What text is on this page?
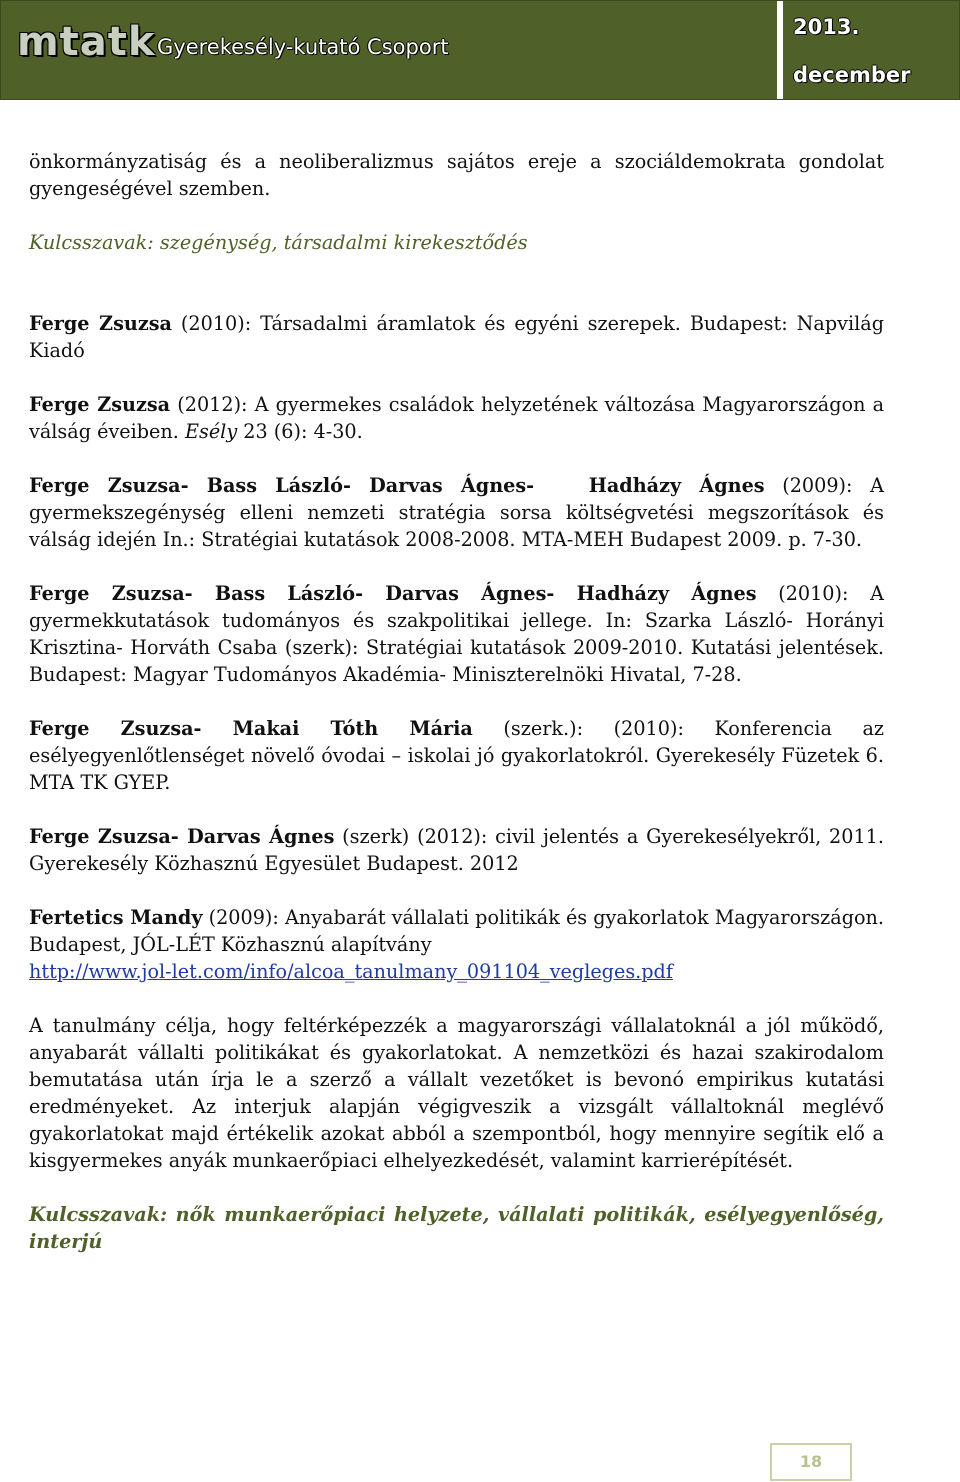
mtatk Gyerekesély-kutató Csoport
2013.
december

önkormányzatiság és a neoliberalizmus sajátos ereje a szociáldemokrata gondolat gyengeségével szemben.

Kulcsszavak: szegénység, társadalmi kirekesztődés

Ferge Zsuzsa (2010): Társadalmi áramlatok és egyéni szerepek. Budapest: Napvilág Kiadó

Ferge Zsuzsa (2012): A gyermekes családok helyzetének változása Magyarországon a válság éveiben. Esély 23 (6): 4-30.

Ferge Zsuzsa- Bass László- Darvas Ágnes-   Hadházy Ágnes (2009): A gyermekszegénység elleni nemzeti stratégia sorsa költségvetési megszorítások és válság idején In.: Stratégiai kutatások 2008-2008. MTA-MEH Budapest 2009. p. 7-30.

Ferge Zsuzsa- Bass László- Darvas Ágnes- Hadházy Ágnes (2010): A gyermekkutatások tudományos és szakpolitikai jellege. In: Szarka László- Horányi Krisztina- Horváth Csaba (szerk): Stratégiai kutatások 2009-2010. Kutatási jelentések. Budapest: Magyar Tudományos Akadémia- Miniszterelnöki Hivatal, 7-28.

Ferge Zsuzsa- Makai Tóth Mária (szerk.): (2010): Konferencia az esélyegyenlőtlenséget növelő óvodai – iskolai jó gyakorlatokról. Gyerekesély Füzetek 6. MTA TK GYEP.

Ferge Zsuzsa- Darvas Ágnes (szerk) (2012): civil jelentés a Gyerekesélyekről, 2011. Gyerekesély Közhasznú Egyesület Budapest. 2012

Fertetics Mandy (2009): Anyabarát vállalati politikák és gyakorlatok Magyarországon. Budapest, JÓL-LÉT Közhasznú alapítvány
http://www.jol-let.com/info/alcoa_tanulmany_091104_vegleges.pdf

A tanulmány célja, hogy feltérképezzék a magyarországi vállalatoknál a jól működő, anyabarát vállalti politikákat és gyakorlatokat. A nemzetközi és hazai szakirodalom bemutatása után írja le a szerző a vállalt vezetőket is bevonó empirikus kutatási eredményeket. Az interjuk alapján végigveszik a vizsgált vállaltoknál meglévő gyakorlatokat majd értékelik azokat abból a szempontból, hogy mennyire segítik elő a kisgyermekes anyák munkaerőpiaci elhelyezkedését, valamint karrierépítését.

Kulcsszavak: nők munkaerőpiaci helyzete, vállalati politikák, esélyegyenlőség, interjú

18
